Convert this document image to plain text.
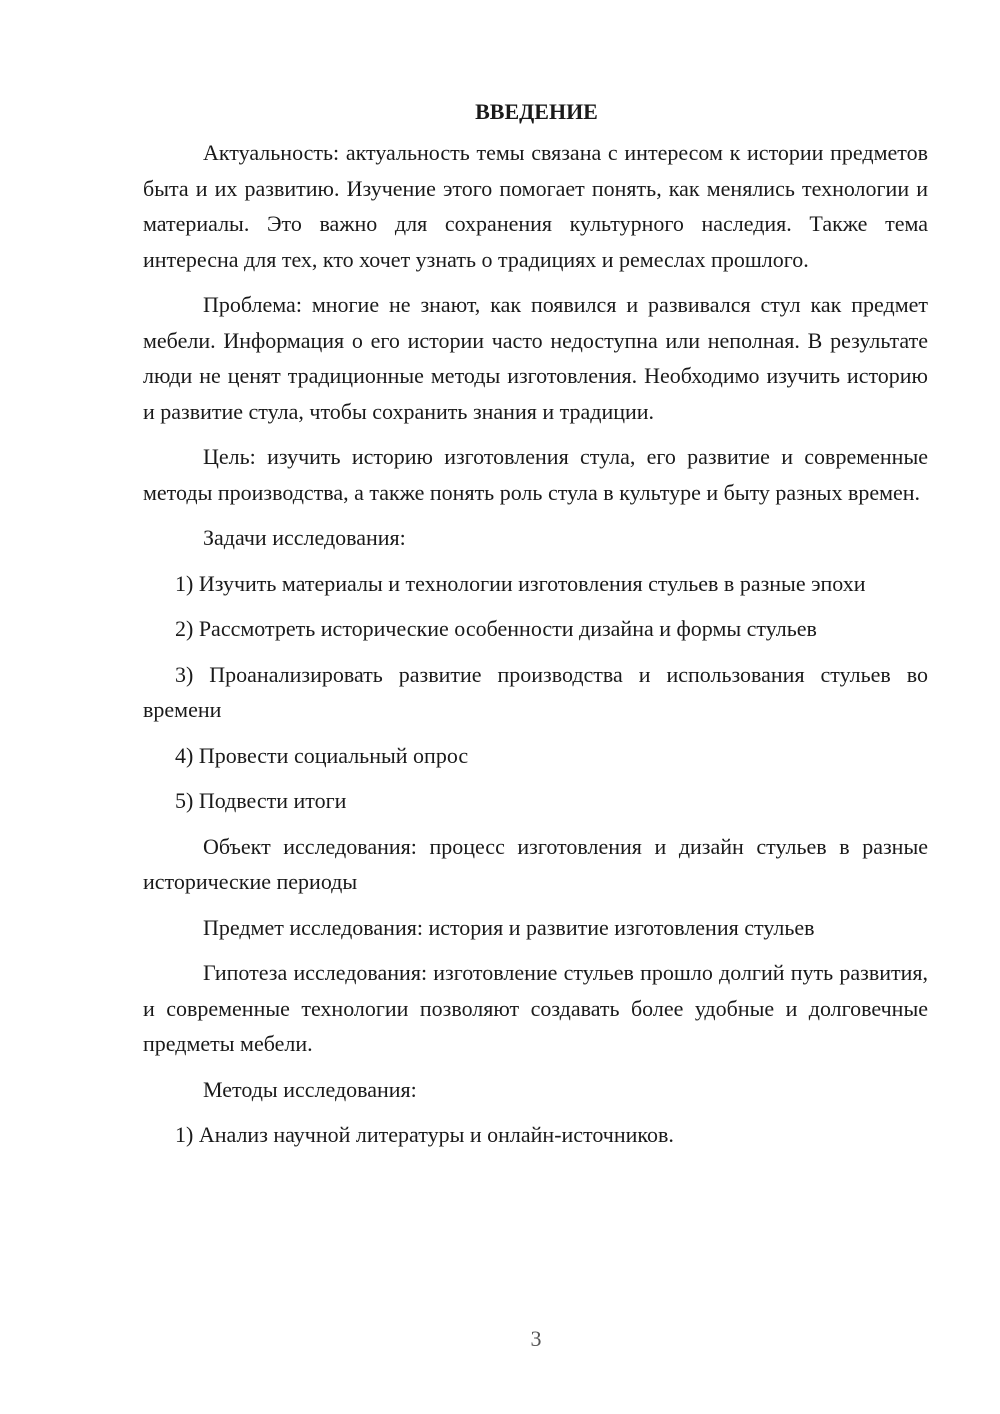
ВВЕДЕНИЕ

Актуальность: актуальность темы связана с интересом к истории предметов быта и их развитию. Изучение этого помогает понять, как менялись технологии и материалы. Это важно для сохранения культурного наследия. Также тема интересна для тех, кто хочет узнать о традициях и ремеслах прошлого.

Проблема: многие не знают, как появился и развивался стул как предмет мебели. Информация о его истории часто недоступна или неполная. В результате люди не ценят традиционные методы изготовления. Необходимо изучить историю и развитие стула, чтобы сохранить знания и традиции.

Цель: изучить историю изготовления стула, его развитие и современные методы производства, а также понять роль стула в культуре и быту разных времен.

Задачи исследования:

1) Изучить материалы и технологии изготовления стульев в разные эпохи

2) Рассмотреть исторические особенности дизайна и формы стульев

3) Проанализировать развитие производства и использования стульев во времени

4) Провести социальный опрос

5) Подвести итоги

Объект исследования: процесс изготовления и дизайн стульев в разные исторические периоды

Предмет исследования: история и развитие изготовления стульев

Гипотеза исследования: изготовление стульев прошло долгий путь развития, и современные технологии позволяют создавать более удобные и долговечные предметы мебели.

Методы исследования:

1) Анализ научной литературы и онлайн-источников.

3
